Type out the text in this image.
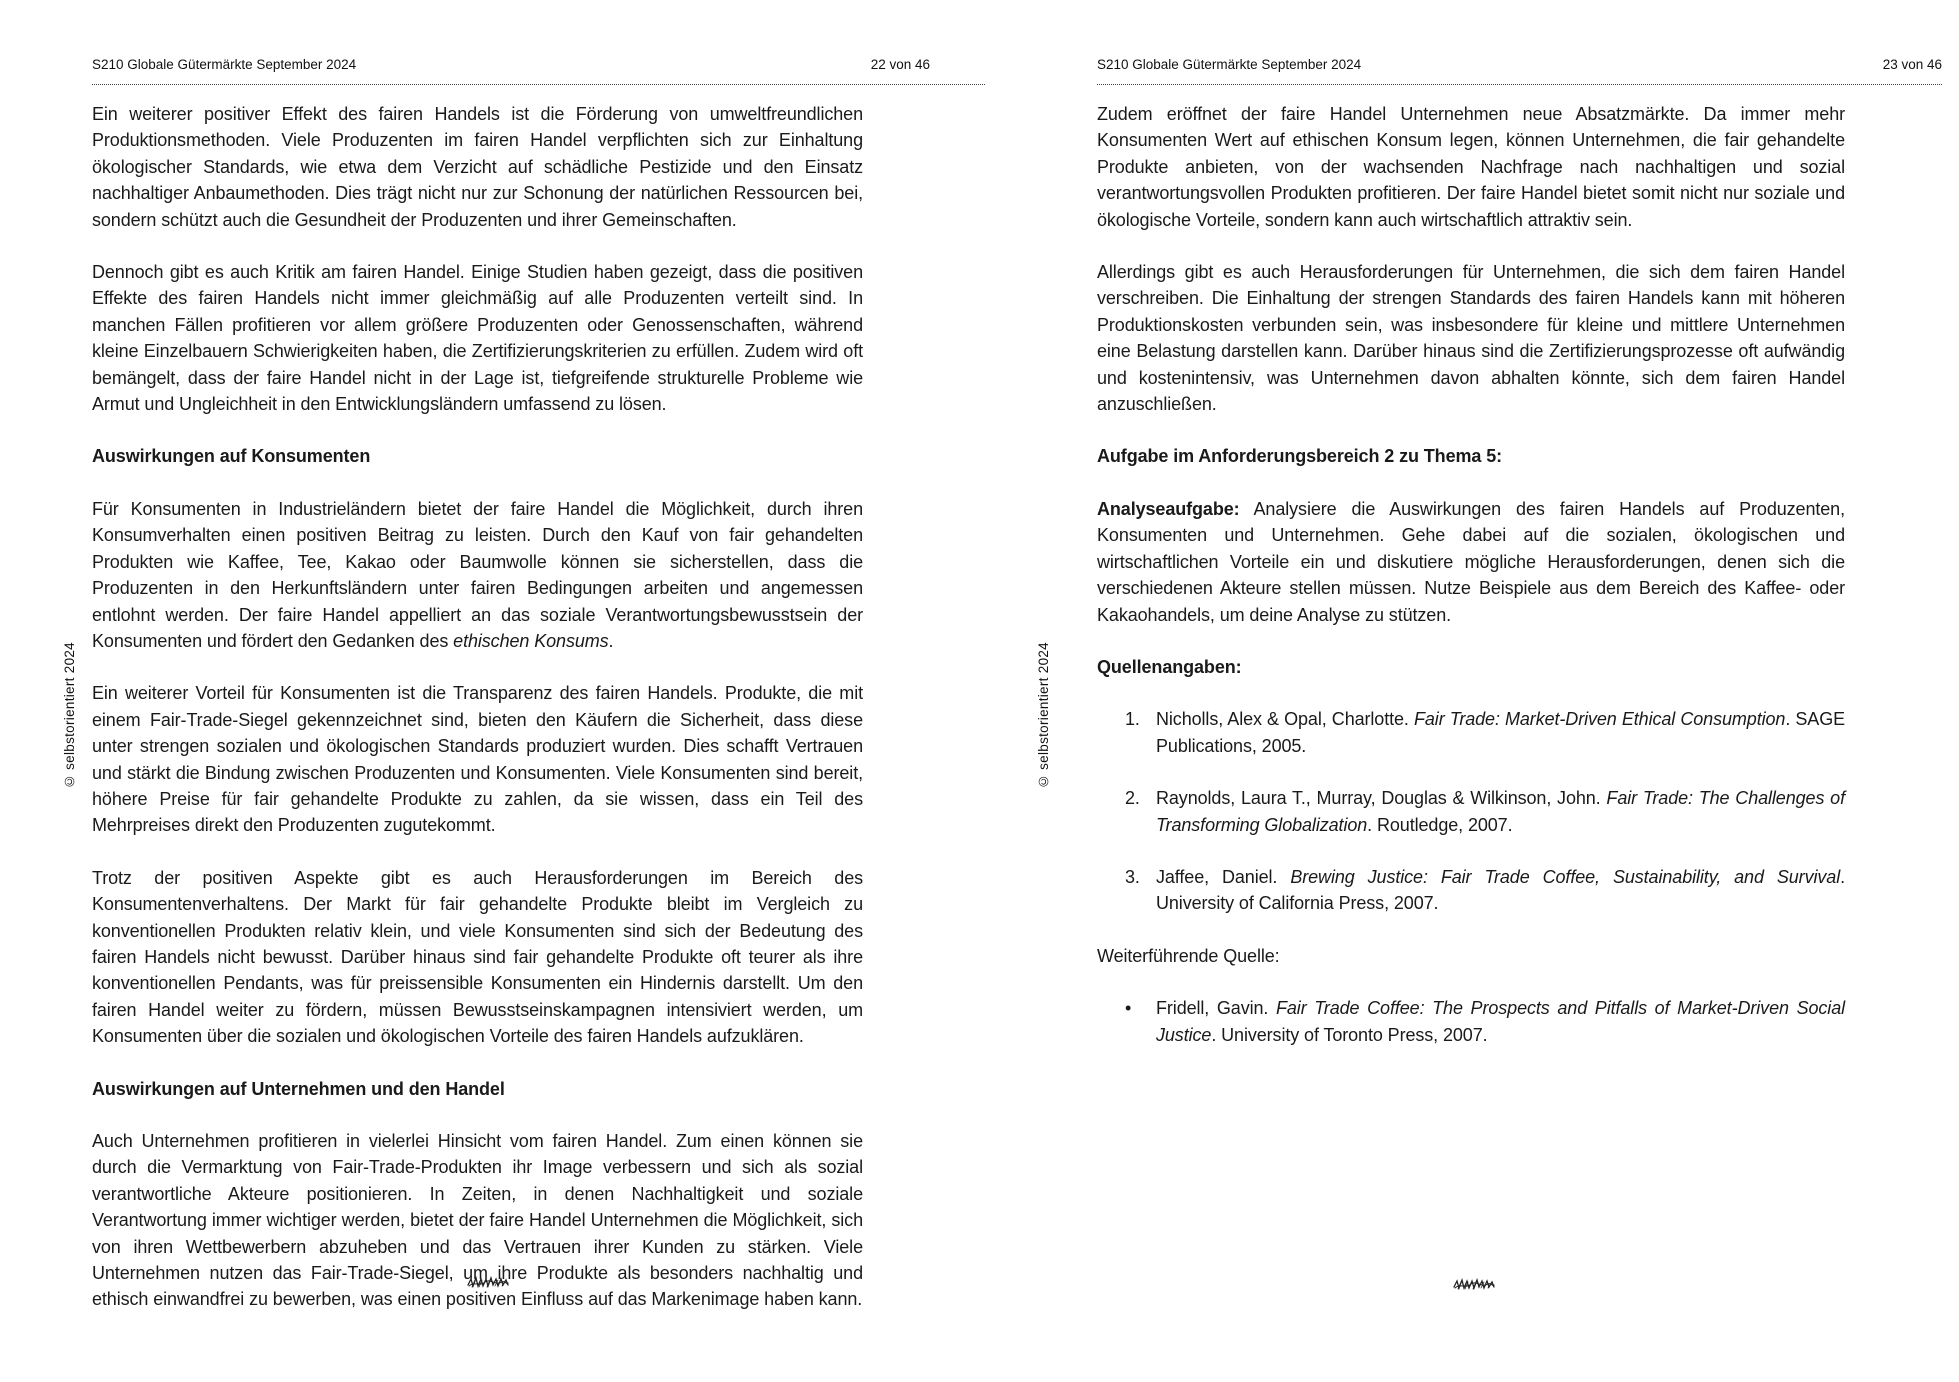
S210 Globale Gütermärkte September 2024	22 von 46

Ein weiterer positiver Effekt des fairen Handels ist die Förderung von umweltfreundlichen Produktionsmethoden. Viele Produzenten im fairen Handel verpflichten sich zur Einhaltung ökologischer Standards, wie etwa dem Verzicht auf schädliche Pestizide und den Einsatz nachhaltiger Anbaumethoden. Dies trägt nicht nur zur Schonung der natürlichen Ressourcen bei, sondern schützt auch die Gesundheit der Produzenten und ihrer Gemeinschaften.

Dennoch gibt es auch Kritik am fairen Handel. Einige Studien haben gezeigt, dass die positiven Effekte des fairen Handels nicht immer gleichmäßig auf alle Produzenten verteilt sind. In manchen Fällen profitieren vor allem größere Produzenten oder Genossenschaften, während kleine Einzelbauern Schwierigkeiten haben, die Zertifizierungskriterien zu erfüllen. Zudem wird oft bemängelt, dass der faire Handel nicht in der Lage ist, tiefgreifende strukturelle Probleme wie Armut und Ungleichheit in den Entwicklungsländern umfassend zu lösen.

Auswirkungen auf Konsumenten

Für Konsumenten in Industrieländern bietet der faire Handel die Möglichkeit, durch ihren Konsumverhalten einen positiven Beitrag zu leisten. Durch den Kauf von fair gehandelten Produkten wie Kaffee, Tee, Kakao oder Baumwolle können sie sicherstellen, dass die Produzenten in den Herkunftsländern unter fairen Bedingungen arbeiten und angemessen entlohnt werden. Der faire Handel appelliert an das soziale Verantwortungsbewusstsein der Konsumenten und fördert den Gedanken des ethischen Konsums.

Ein weiterer Vorteil für Konsumenten ist die Transparenz des fairen Handels. Produkte, die mit einem Fair-Trade-Siegel gekennzeichnet sind, bieten den Käufern die Sicherheit, dass diese unter strengen sozialen und ökologischen Standards produziert wurden. Dies schafft Vertrauen und stärkt die Bindung zwischen Produzenten und Konsumenten. Viele Konsumenten sind bereit, höhere Preise für fair gehandelte Produkte zu zahlen, da sie wissen, dass ein Teil des Mehrpreises direkt den Produzenten zugutekommt.

Trotz der positiven Aspekte gibt es auch Herausforderungen im Bereich des Konsumentenverhaltens. Der Markt für fair gehandelte Produkte bleibt im Vergleich zu konventionellen Produkten relativ klein, und viele Konsumenten sind sich der Bedeutung des fairen Handels nicht bewusst. Darüber hinaus sind fair gehandelte Produkte oft teurer als ihre konventionellen Pendants, was für preissensible Konsumenten ein Hindernis darstellt. Um den fairen Handel weiter zu fördern, müssen Bewusstseinskampagnen intensiviert werden, um Konsumenten über die sozialen und ökologischen Vorteile des fairen Handels aufzuklären.

Auswirkungen auf Unternehmen und den Handel

Auch Unternehmen profitieren in vielerlei Hinsicht vom fairen Handel. Zum einen können sie durch die Vermarktung von Fair-Trade-Produkten ihr Image verbessern und sich als sozial verantwortliche Akteure positionieren. In Zeiten, in denen Nachhaltigkeit und soziale Verantwortung immer wichtiger werden, bietet der faire Handel Unternehmen die Möglichkeit, sich von ihren Wettbewerbern abzuheben und das Vertrauen ihrer Kunden zu stärken. Viele Unternehmen nutzen das Fair-Trade-Siegel, um ihre Produkte als besonders nachhaltig und ethisch einwandfrei zu bewerben, was einen positiven Einfluss auf das Markenimage haben kann.

© selbstorientiert 2024
S210 Globale Gütermärkte September 2024	23 von 46

Zudem eröffnet der faire Handel Unternehmen neue Absatzmärkte. Da immer mehr Konsumenten Wert auf ethischen Konsum legen, können Unternehmen, die fair gehandelte Produkte anbieten, von der wachsenden Nachfrage nach nachhaltigen und sozial verantwortungsvollen Produkten profitieren. Der faire Handel bietet somit nicht nur soziale und ökologische Vorteile, sondern kann auch wirtschaftlich attraktiv sein.

Allerdings gibt es auch Herausforderungen für Unternehmen, die sich dem fairen Handel verschreiben. Die Einhaltung der strengen Standards des fairen Handels kann mit höheren Produktionskosten verbunden sein, was insbesondere für kleine und mittlere Unternehmen eine Belastung darstellen kann. Darüber hinaus sind die Zertifizierungsprozesse oft aufwändig und kostenintensiv, was Unternehmen davon abhalten könnte, sich dem fairen Handel anzuschließen.

Aufgabe im Anforderungsbereich 2 zu Thema 5:

Analyseaufgabe: Analysiere die Auswirkungen des fairen Handels auf Produzenten, Konsumenten und Unternehmen. Gehe dabei auf die sozialen, ökologischen und wirtschaftlichen Vorteile ein und diskutiere mögliche Herausforderungen, denen sich die verschiedenen Akteure stellen müssen. Nutze Beispiele aus dem Bereich des Kaffee- oder Kakaohandels, um deine Analyse zu stützen.

Quellenangaben:

1. Nicholls, Alex & Opal, Charlotte. Fair Trade: Market-Driven Ethical Consumption. SAGE Publications, 2005.
2. Raynolds, Laura T., Murray, Douglas & Wilkinson, John. Fair Trade: The Challenges of Transforming Globalization. Routledge, 2007.
3. Jaffee, Daniel. Brewing Justice: Fair Trade Coffee, Sustainability, and Survival. University of California Press, 2007.

Weiterführende Quelle:

• Fridell, Gavin. Fair Trade Coffee: The Prospects and Pitfalls of Market-Driven Social Justice. University of Toronto Press, 2007.
© selbstorientiert 2024
